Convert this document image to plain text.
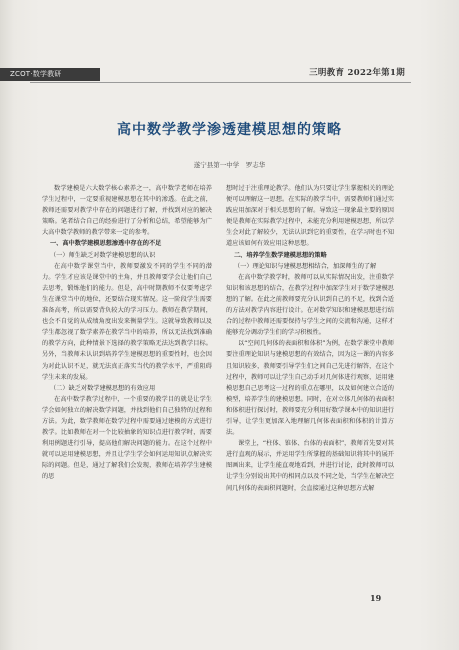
ZCOT·数学教研	三明教育 2022年第1期
高中数学教学渗透建模思想的策略
遂宁县第一中学　罗志华

数学建模是六大数学核心素养之一，高中数学老师在培养学生过程中，一定要重视建模思想在其中的渗透。在此之前，教师还需要对教学中存在的问题进行了解，并找到对应的解决策略。笔者结合自己的经验进行了分析和总结，希望能够为广大高中数学教师的教学带来一定的参考。

一、高中数学建模思想渗透中存在的不足

（一）师生缺乏对数学建模思想的认识

在高中数学课堂当中，教师要激发不同的学生不同的潜力。学生才应该是课堂中的主角，并且教师要学会让他们自己去思考，锻炼他们的能力。但是，高中时期教师不仅要考虑学生在课堂当中的地位，还要结合现实情况。这一阶段学生需要准备高考，所以需要背负较大的学习压力。教师在教学期间，也会不自觉的从成绩角度出发来衡量学生。这就导致教师以及学生都忽视了数学素养在教学当中的培养，所以无法找到准确的教学方向，此种情景下选择的教学策略无法达到教学目标。另外，当教师未认识到培养学生建模思想的重要性时，也会因为对此认识不足，就无法真正落实当代的教学水平，严重阻碍学生未来的发展。

（二）缺乏对数学建模思想的有效应用

在高中数学教学过程中，一个重要的教学目的就是让学生学会如何独立的解决数学问题，并找到他们自己独特的过程和方法。为此，数学教师在数学过程中需要通过建模的方式进行教学。比如教师在对一个比较抽象的知识点进行教学时，需要利用例题进行引导，提高他们解决问题的能力。在这个过程中就可以运用建模思想，并且让学生学会如何运用知识点解决实际的问题。但是，通过了解我们会发现，教师在培养学生建模的思

想时过于注重理论教学。他们认为只要让学生掌握相关的理论便可以理解这一思想。在实际的教学当中，需要教师们通过实践应用加深对于相关思想的了解。导致这一现象最主要的原因便是教师在实际教学过程中，未能充分利用建模思想，所以学生会对此了解较少，无法认识到它的重要性，在学习时也不知道应该如何有效应用这种思想。

二、培养学生数学建模思想的策略

（一）理论知识与建模思想相结合，加深师生的了解

在高中数学教学时，教师可以从实际情况出发，注重数学知识和该思想的结合，在教学过程中加深学生对于数学建模思想的了解。在此之前教师要充分认识到自己的不足，找到合适的方法对教学内容进行设计。在对数学知识和建模思想进行结合的过程中教师还需要保持与学生之间的交流和沟通，这样才能够充分调动学生们的学习积极性。

以“空间几何体的表面积和体积”为例，在数学课堂中教师要注重理论知识与建模思想的有效结合，因为这一课的内容多且知识较多，教师要引导学生们之间自己先进行解答，在这个过程中，教师可以让学生自己动手对几何体进行观察，运用建模思想自己思考这一过程的重点在哪里，以及如何建立合适的模型，培养学生的建模思想。同时，在对立体几何体的表面积和体积进行探讨时，教师要充分利用好数学课本中的知识进行引导，让学生更加深入地理解几何体表面积和体积的计算方法。

课堂上，“柱体、锥体、台体的表面积”，教师首先要对其进行直观的展示，并运用学生所掌握的基础知识将其中的展开图画出来，让学生能直观地看到，并进行讨论，此时教师可以让学生分别说出其中的相同点以及不同之处，当学生在解决空间几何体的表面积问题时，会直接通过这种思想方式解

19
